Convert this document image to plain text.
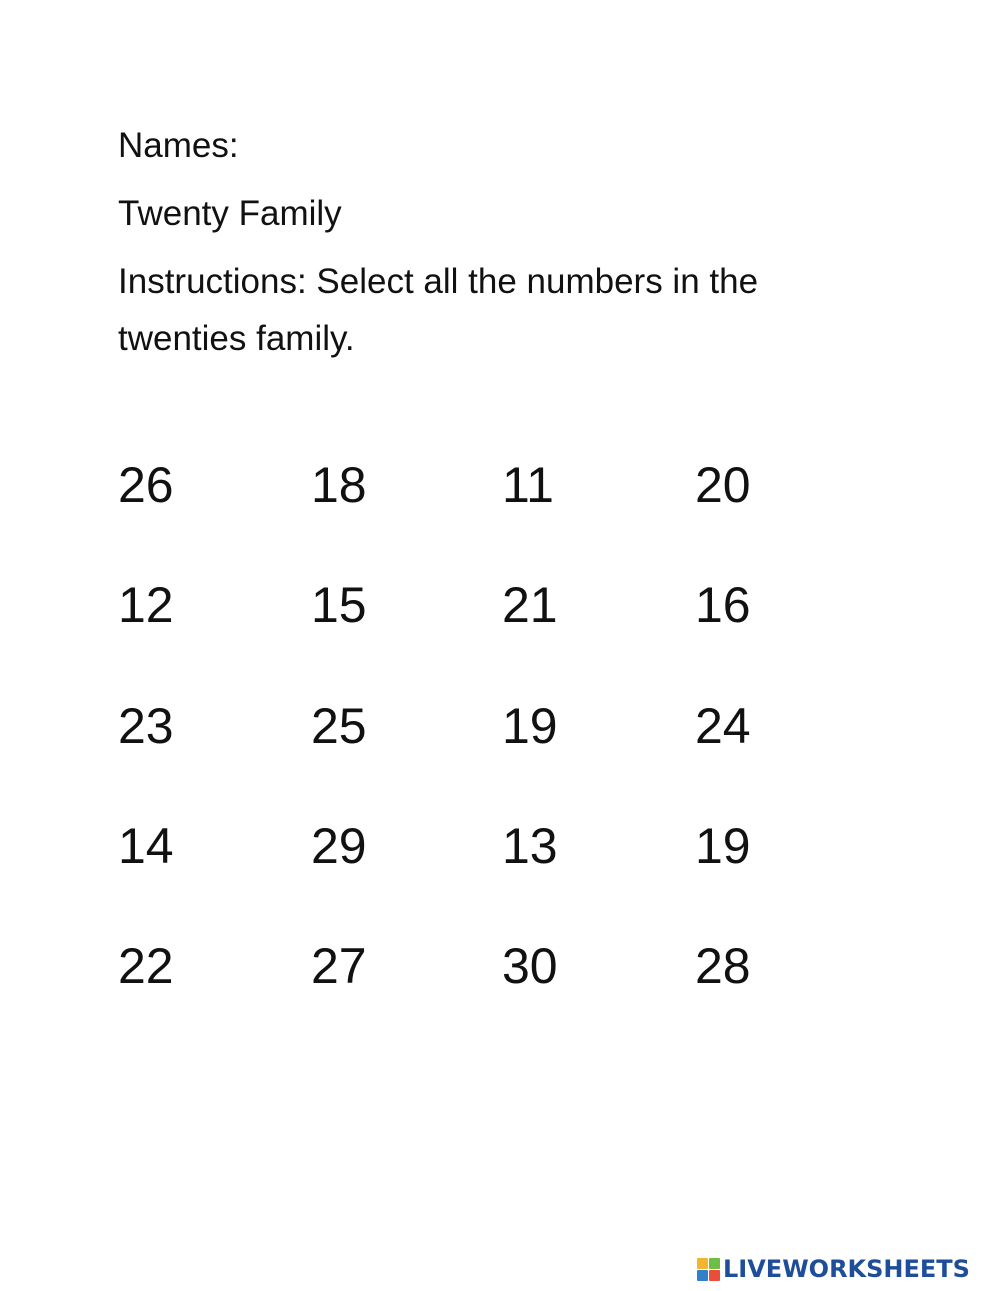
Names:
Twenty Family
Instructions: Select all the numbers in the
twenties family.
26	18	11	20
12	15	21	16
23	25	19	24
14	29	13	19
22	27	30	28
LIVEWORKSHEETS
